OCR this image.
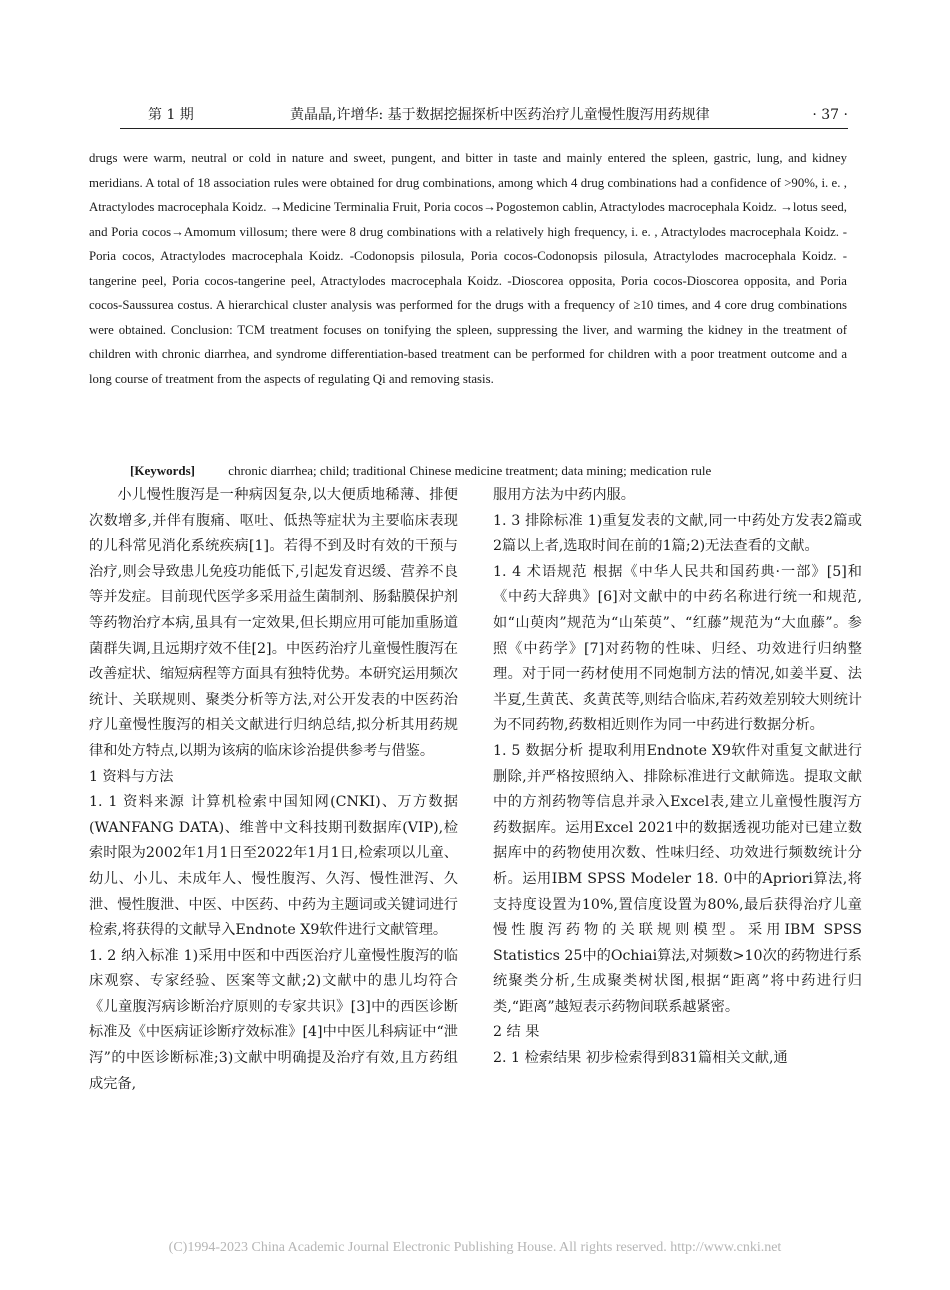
第 1 期	黄晶晶,许增华: 基于数据挖掘探析中医药治疗儿童慢性腹泻用药规律	· 37 ·

drugs were warm, neutral or cold in nature and sweet, pungent, and bitter in taste and mainly entered the spleen, gastric, lung, and kidney meridians. A total of 18 association rules were obtained for drug combinations, among which 4 drug combinations had a confidence of >90%, i. e. , Atractylodes macrocephala Koidz. →Medicine Terminalia Fruit, Poria cocos→Pogostemon cablin, Atractylodes macrocephala Koidz. →lotus seed, and Poria cocos→Amomum villosum; there were 8 drug combinations with a relatively high frequency, i. e. , Atractylodes macrocephala Koidz. -Poria cocos, Atractylodes macrocephala Koidz. -Codonopsis pilosula, Poria cocos-Codonopsis pilosula, Atractylodes macrocephala Koidz. -tangerine peel, Poria cocos-tangerine peel, Atractylodes macrocephala Koidz. -Dioscorea opposita, Poria cocos-Dioscorea opposita, and Poria cocos-Saussurea costus. A hierarchical cluster analysis was performed for the drugs with a frequency of ≥10 times, and 4 core drug combinations were obtained. Conclusion: TCM treatment focuses on tonifying the spleen, suppressing the liver, and warming the kidney in the treatment of children with chronic diarrhea, and syndrome differentiation-based treatment can be performed for children with a poor treatment outcome and a long course of treatment from the aspects of regulating Qi and removing stasis.

[Keywords]	chronic diarrhea; child; traditional Chinese medicine treatment; data mining; medication rule

小儿慢性腹泻是一种病因复杂,以大便质地稀薄、排便次数增多,并伴有腹痛、呕吐、低热等症状为主要临床表现的儿科常见消化系统疾病[1]。若得不到及时有效的干预与治疗,则会导致患儿免疫功能低下,引起发育迟缓、营养不良等并发症。目前现代医学多采用益生菌制剂、肠黏膜保护剂等药物治疗本病,虽具有一定效果,但长期应用可能加重肠道菌群失调,且远期疗效不佳[2]。中医药治疗儿童慢性腹泻在改善症状、缩短病程等方面具有独特优势。本研究运用频次统计、关联规则、聚类分析等方法,对公开发表的中医药治疗儿童慢性腹泻的相关文献进行归纳总结,拟分析其用药规律和处方特点,以期为该病的临床诊治提供参考与借鉴。

1 资料与方法

1. 1 资料来源 计算机检索中国知网(CNKI)、万方数据(WANFANG DATA)、维普中文科技期刊数据库(VIP),检索时限为2002年1月1日至2022年1月1日,检索项以儿童、幼儿、小儿、未成年人、慢性腹泻、久泻、慢性泄泻、久泄、慢性腹泄、中医、中医药、中药为主题词或关键词进行检索,将获得的文献导入Endnote X9软件进行文献管理。

1. 2 纳入标准 1)采用中医和中西医治疗儿童慢性腹泻的临床观察、专家经验、医案等文献;2)文献中的患儿均符合《儿童腹泻病诊断治疗原则的专家共识》[3]中的西医诊断标准及《中医病证诊断疗效标准》[4]中中医儿科病证中“泄泻”的中医诊断标准;3)文献中明确提及治疗有效,且方药组成完备,

服用方法为中药内服。

1. 3 排除标准 1)重复发表的文献,同一中药处方发表2篇或2篇以上者,选取时间在前的1篇;2)无法查看的文献。

1. 4 术语规范 根据《中华人民共和国药典·一部》[5]和《中药大辞典》[6]对文献中的中药名称进行统一和规范,如“山萸肉”规范为“山茱萸”、“红藤”规范为“大血藤”。参照《中药学》[7]对药物的性味、归经、功效进行归纳整理。对于同一药材使用不同炮制方法的情况,如姜半夏、法半夏,生黄芪、炙黄芪等,则结合临床,若药效差别较大则统计为不同药物,药数相近则作为同一中药进行数据分析。

1. 5 数据分析 提取利用Endnote X9软件对重复文献进行删除,并严格按照纳入、排除标准进行文献筛选。提取文献中的方剂药物等信息并录入Excel表,建立儿童慢性腹泻方药数据库。运用Excel 2021中的数据透视功能对已建立数据库中的药物使用次数、性味归经、功效进行频数统计分析。运用IBM SPSS Modeler 18. 0中的Apriori算法,将支持度设置为10%,置信度设置为80%,最后获得治疗儿童慢性腹泻药物的关联规则模型。采用IBM SPSS Statistics 25中的Ochiai算法,对频数>10次的药物进行系统聚类分析,生成聚类树状图,根据“距离”将中药进行归类,“距离”越短表示药物间联系越紧密。

2 结 果

2. 1 检索结果 初步检索得到831篇相关文献,通

(C)1994-2023 China Academic Journal Electronic Publishing House. All rights reserved. http://www.cnki.net
